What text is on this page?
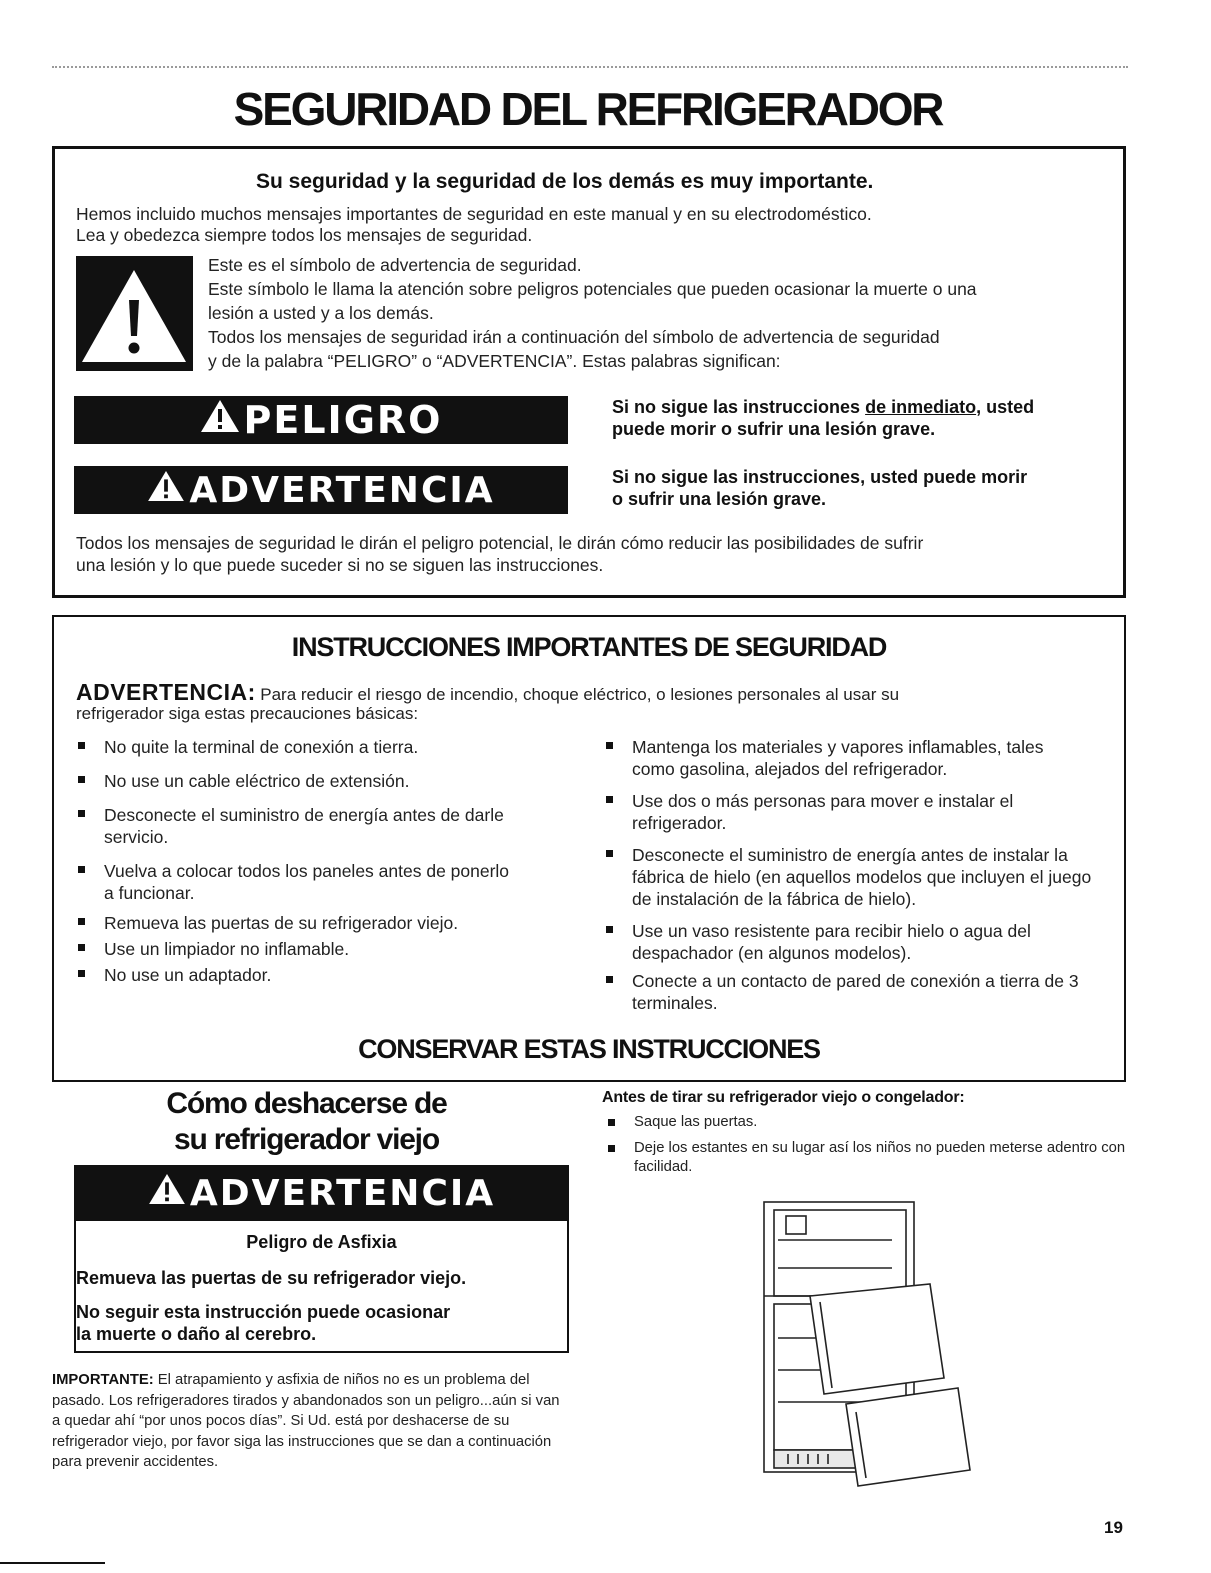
SEGURIDAD DEL REFRIGERADOR
Su seguridad y la seguridad de los demás es muy importante.
Hemos incluido muchos mensajes importantes de seguridad en este manual y en su electrodoméstico.
Lea y obedezca siempre todos los mensajes de seguridad.
Este es el símbolo de advertencia de seguridad.
Este símbolo le llama la atención sobre peligros potenciales que pueden ocasionar la muerte o una
lesión a usted y a los demás.
Todos los mensajes de seguridad irán a continuación del símbolo de advertencia de seguridad
y de la palabra “PELIGRO” o “ADVERTENCIA”. Estas palabras significan:
PELIGRO	Si no sigue las instrucciones de inmediato, usted
puede morir o sufrir una lesión grave.
ADVERTENCIA	Si no sigue las instrucciones, usted puede morir
o sufrir una lesión grave.
Todos los mensajes de seguridad le dirán el peligro potencial, le dirán cómo reducir las posibilidades de sufrir
una lesión y lo que puede suceder si no se siguen las instrucciones.
INSTRUCCIONES IMPORTANTES DE SEGURIDAD
ADVERTENCIA: Para reducir el riesgo de incendio, choque eléctrico, o lesiones personales al usar su
refrigerador siga estas precauciones básicas:
No quite la terminal de conexión a tierra.
No use un cable eléctrico de extensión.
Desconecte el suministro de energía antes de darle servicio.
Vuelva a colocar todos los paneles antes de ponerlo a funcionar.
Remueva las puertas de su refrigerador viejo.
Use un limpiador no inflamable.
No use un adaptador.
Mantenga los materiales y vapores inflamables, tales como gasolina, alejados del refrigerador.
Use dos o más personas para mover e instalar el refrigerador.
Desconecte el suministro de energía antes de instalar la fábrica de hielo (en aquellos modelos que incluyen el juego de instalación de la fábrica de hielo).
Use un vaso resistente para recibir hielo o agua del despachador (en algunos modelos).
Conecte a un contacto de pared de conexión a tierra de 3 terminales.
CONSERVAR ESTAS INSTRUCCIONES
Cómo deshacerse de
su refrigerador viejo
ADVERTENCIA
Peligro de Asfixia
Remueva las puertas de su refrigerador viejo.
No seguir esta instrucción puede ocasionar
la muerte o daño al cerebro.
IMPORTANTE: El atrapamiento y asfixia de niños no es un problema del pasado. Los refrigeradores tirados y abandonados son un peligro...aún si van a quedar ahí “por unos pocos días”. Si Ud. está por deshacerse de su refrigerador viejo, por favor siga las instrucciones que se dan a continuación para prevenir accidentes.
Antes de tirar su refrigerador viejo o congelador:
Saque las puertas.
Deje los estantes en su lugar así los niños no pueden meterse adentro con facilidad.
19
